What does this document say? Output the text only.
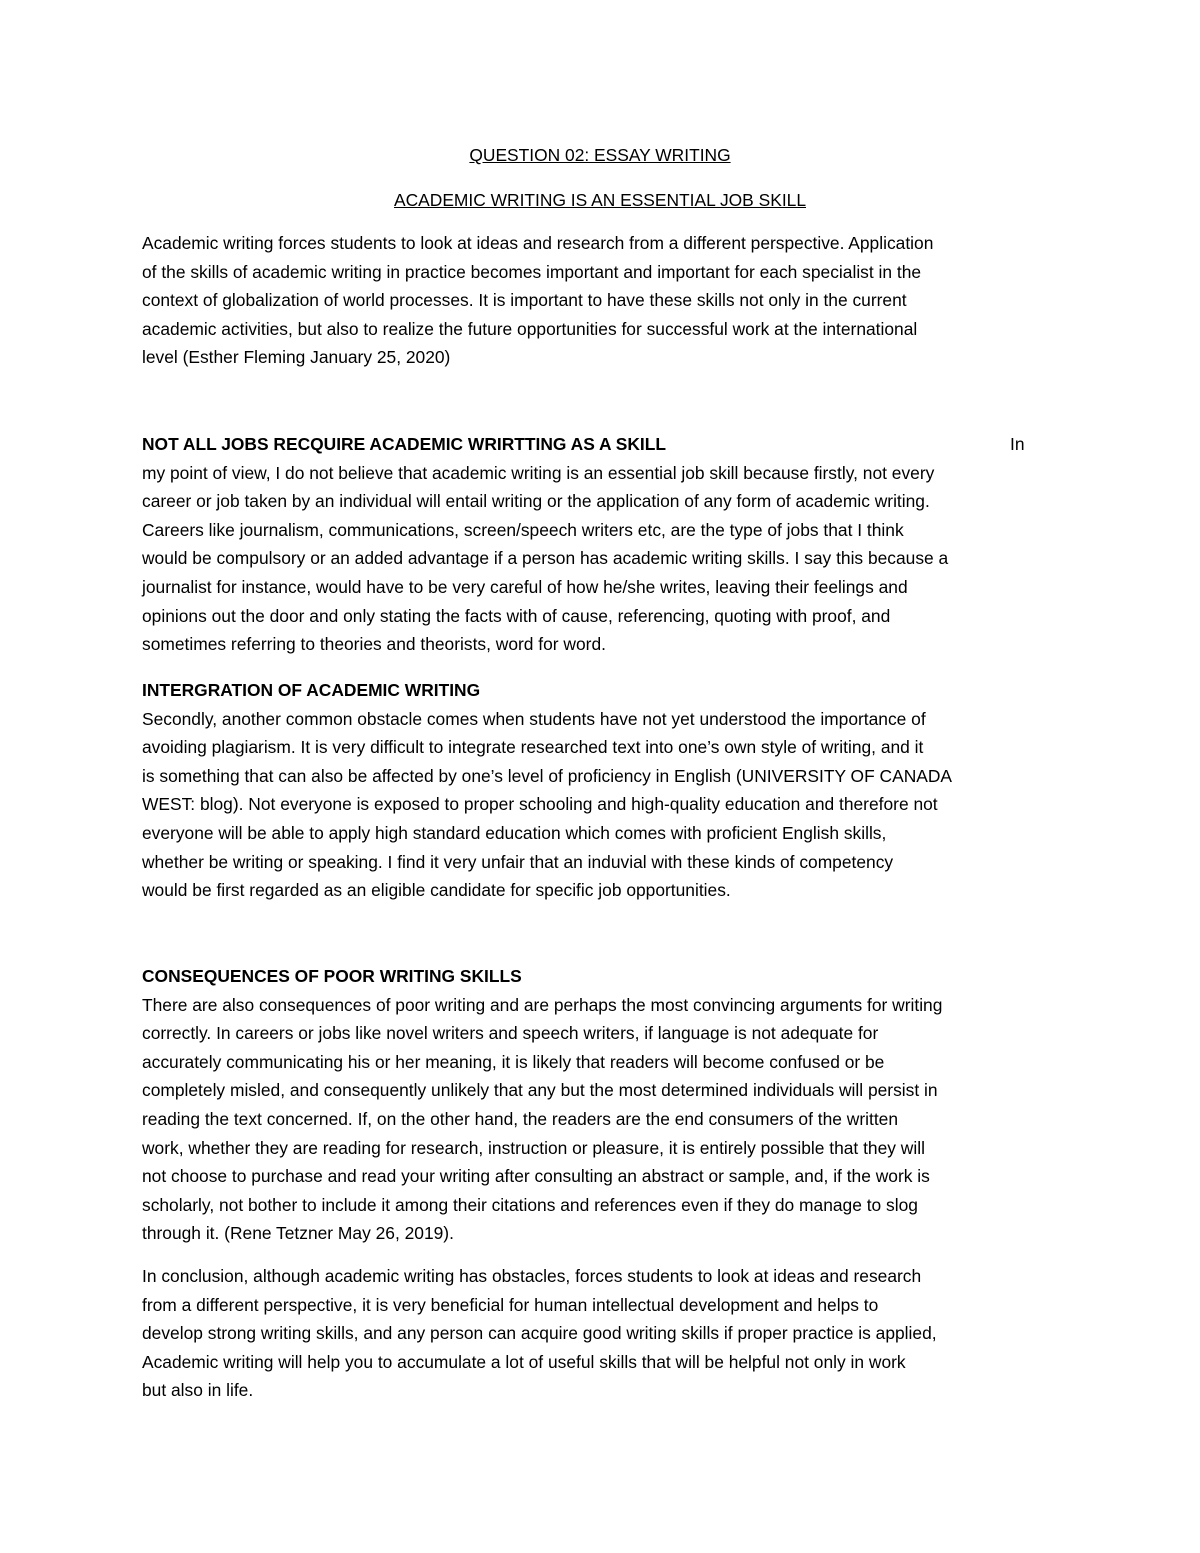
QUESTION 02: ESSAY WRITING
ACADEMIC WRITING IS AN ESSENTIAL JOB SKILL
Academic writing forces students to look at ideas and research from a different perspective. Application
of the skills of academic writing in practice becomes important and important for each specialist in the
context of globalization of world processes. It is important to have these skills not only in the current
academic activities, but also to realize the future opportunities for successful work at the international
level (Esther Fleming January 25, 2020)
NOT ALL JOBS RECQUIRE ACADEMIC WRIRTTING AS A SKILL	In
my point of view, I do not believe that academic writing is an essential job skill because firstly, not every
career or job taken by an individual will entail writing or the application of any form of academic writing.
Careers like journalism, communications, screen/speech writers etc, are the type of jobs that I think
would be compulsory or an added advantage if a person has academic writing skills. I say this because a
journalist for instance, would have to be very careful of how he/she writes, leaving their feelings and
opinions out the door and only stating the facts with of cause, referencing, quoting with proof, and
sometimes referring to theories and theorists, word for word.
INTERGRATION OF ACADEMIC WRITING
Secondly, another common obstacle comes when students have not yet understood the importance of
avoiding plagiarism. It is very difficult to integrate researched text into one’s own style of writing, and it
is something that can also be affected by one’s level of proficiency in English (UNIVERSITY OF CANADA
WEST: blog). Not everyone is exposed to proper schooling and high-quality education and therefore not
everyone will be able to apply high standard education which comes with proficient English skills,
whether be writing or speaking. I find it very unfair that an induvial with these kinds of competency
would be first regarded as an eligible candidate for specific job opportunities.
CONSEQUENCES OF POOR WRITING SKILLS
There are also consequences of poor writing and are perhaps the most convincing arguments for writing
correctly. In careers or jobs like novel writers and speech writers, if language is not adequate for
accurately communicating his or her meaning, it is likely that readers will become confused or be
completely misled, and consequently unlikely that any but the most determined individuals will persist in
reading the text concerned. If, on the other hand, the readers are the end consumers of the written
work, whether they are reading for research, instruction or pleasure, it is entirely possible that they will
not choose to purchase and read your writing after consulting an abstract or sample, and, if the work is
scholarly, not bother to include it among their citations and references even if they do manage to slog
through it. (Rene Tetzner May 26, 2019).
In conclusion, although academic writing has obstacles, forces students to look at ideas and research
from a different perspective, it is very beneficial for human intellectual development and helps to
develop strong writing skills, and any person can acquire good writing skills if proper practice is applied,
Academic writing will help you to accumulate a lot of useful skills that will be helpful not only in work
but also in life.
